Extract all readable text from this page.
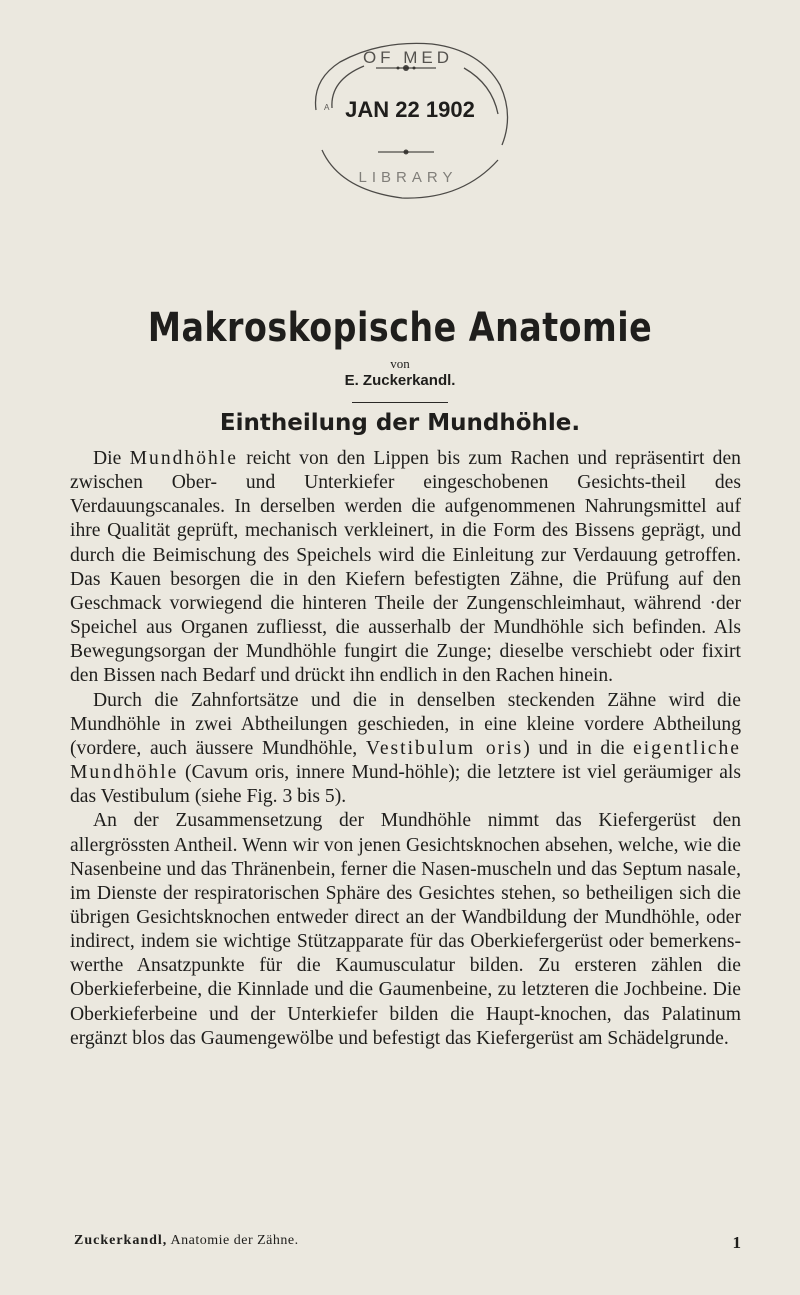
OF MED
JAN 22 1902
LIBRARY
ᴬ
Makroskopische Anatomie
von
E. Zuckerkandl.
Eintheilung der Mundhöhle.

Die Mundhöhle reicht von den Lippen bis zum Rachen und repräsentirt den zwischen Ober- und Unterkiefer eingeschobenen Gesichts-theil des Verdauungscanales. In derselben werden die aufgenommenen Nahrungsmittel auf ihre Qualität geprüft, mechanisch verkleinert, in die Form des Bissens geprägt, und durch die Beimischung des Speichels wird die Einleitung zur Verdauung getroffen. Das Kauen besorgen die in den Kiefern befestigten Zähne, die Prüfung auf den Geschmack vorwiegend die hinteren Theile der Zungenschleimhaut, während ·der Speichel aus Organen zufliesst, die ausserhalb der Mundhöhle sich befinden. Als Bewegungsorgan der Mundhöhle fungirt die Zunge; dieselbe verschiebt oder fixirt den Bissen nach Bedarf und drückt ihn endlich in den Rachen hinein.

Durch die Zahnfortsätze und die in denselben steckenden Zähne wird die Mundhöhle in zwei Abtheilungen geschieden, in eine kleine vordere Abtheilung (vordere, auch äussere Mundhöhle, Vestibulum oris) und in die eigentliche Mundhöhle (Cavum oris, innere Mund-höhle); die letztere ist viel geräumiger als das Vestibulum (siehe Fig. 3 bis 5).

An der Zusammensetzung der Mundhöhle nimmt das Kiefergerüst den allergrössten Antheil. Wenn wir von jenen Gesichtsknochen absehen, welche, wie die Nasenbeine und das Thränenbein, ferner die Nasen-muscheln und das Septum nasale, im Dienste der respiratorischen Sphäre des Gesichtes stehen, so betheiligen sich die übrigen Gesichtsknochen entweder direct an der Wandbildung der Mundhöhle, oder indirect, indem sie wichtige Stützapparate für das Oberkiefergerüst oder bemerkens-werthe Ansatzpunkte für die Kaumusculatur bilden. Zu ersteren zählen die Oberkieferbeine, die Kinnlade und die Gaumenbeine, zu letzteren die Jochbeine. Die Oberkieferbeine und der Unterkiefer bilden die Haupt-knochen, das Palatinum ergänzt blos das Gaumengewölbe und befestigt das Kiefergerüst am Schädelgrunde.

Zuckerkandl, Anatomie der Zähne.	1
